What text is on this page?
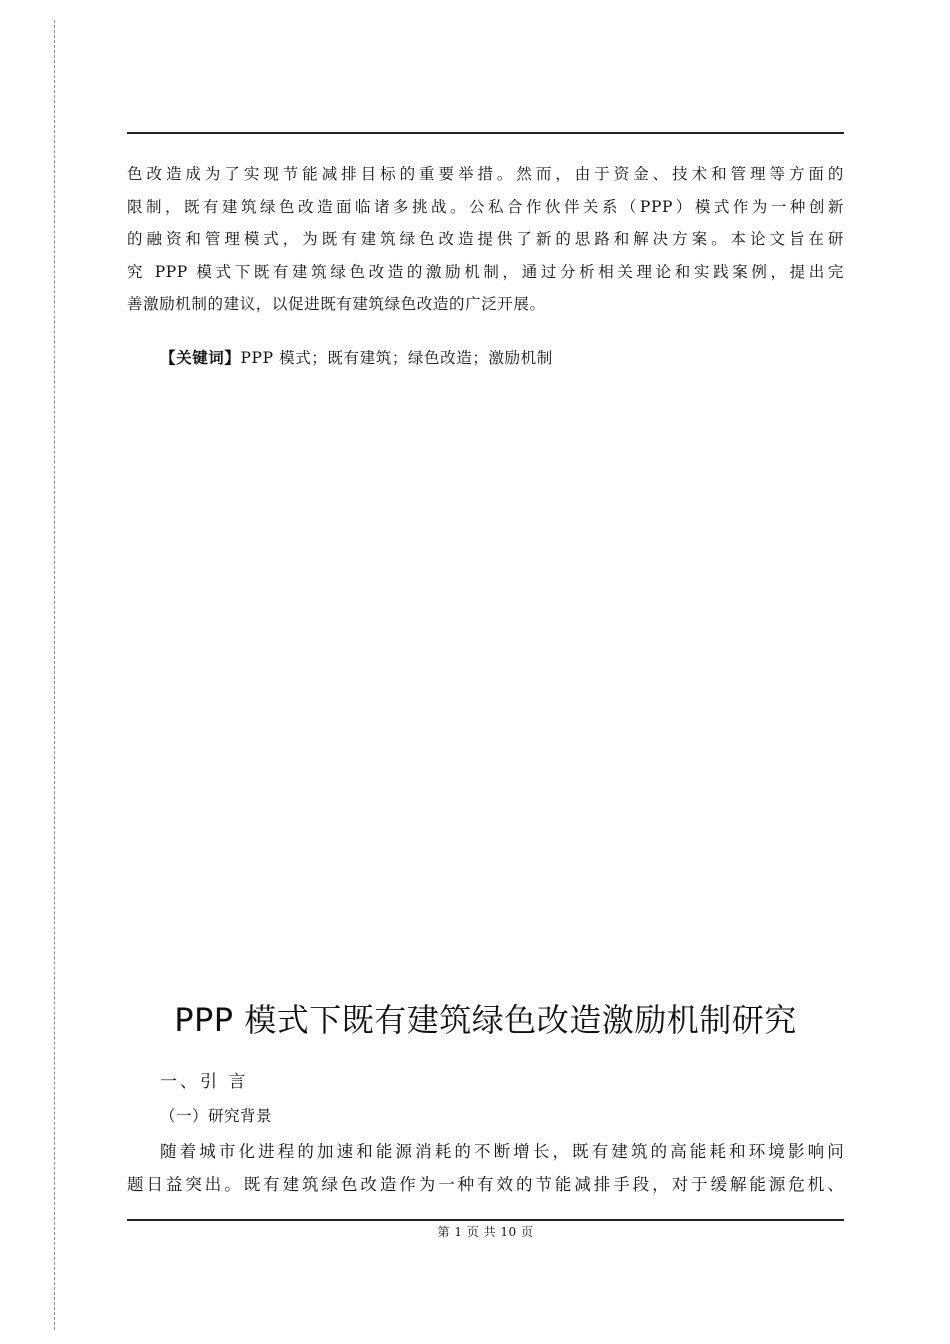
色改造成为了实现节能减排目标的重要举措。然而，由于资金、技术和管理等方面的
限制，既有建筑绿色改造面临诸多挑战。公私合作伙伴关系（PPP）模式作为一种创新
的融资和管理模式，为既有建筑绿色改造提供了新的思路和解决方案。本论文旨在研
究 PPP 模式下既有建筑绿色改造的激励机制，通过分析相关理论和实践案例，提出完
善激励机制的建议，以促进既有建筑绿色改造的广泛开展。
【关键词】PPP 模式；既有建筑；绿色改造；激励机制
PPP 模式下既有建筑绿色改造激励机制研究
一、引 言
（一）研究背景
随着城市化进程的加速和能源消耗的不断增长，既有建筑的高能耗和环境影响问
题日益突出。既有建筑绿色改造作为一种有效的节能减排手段，对于缓解能源危机、
第 1 页 共 10 页
